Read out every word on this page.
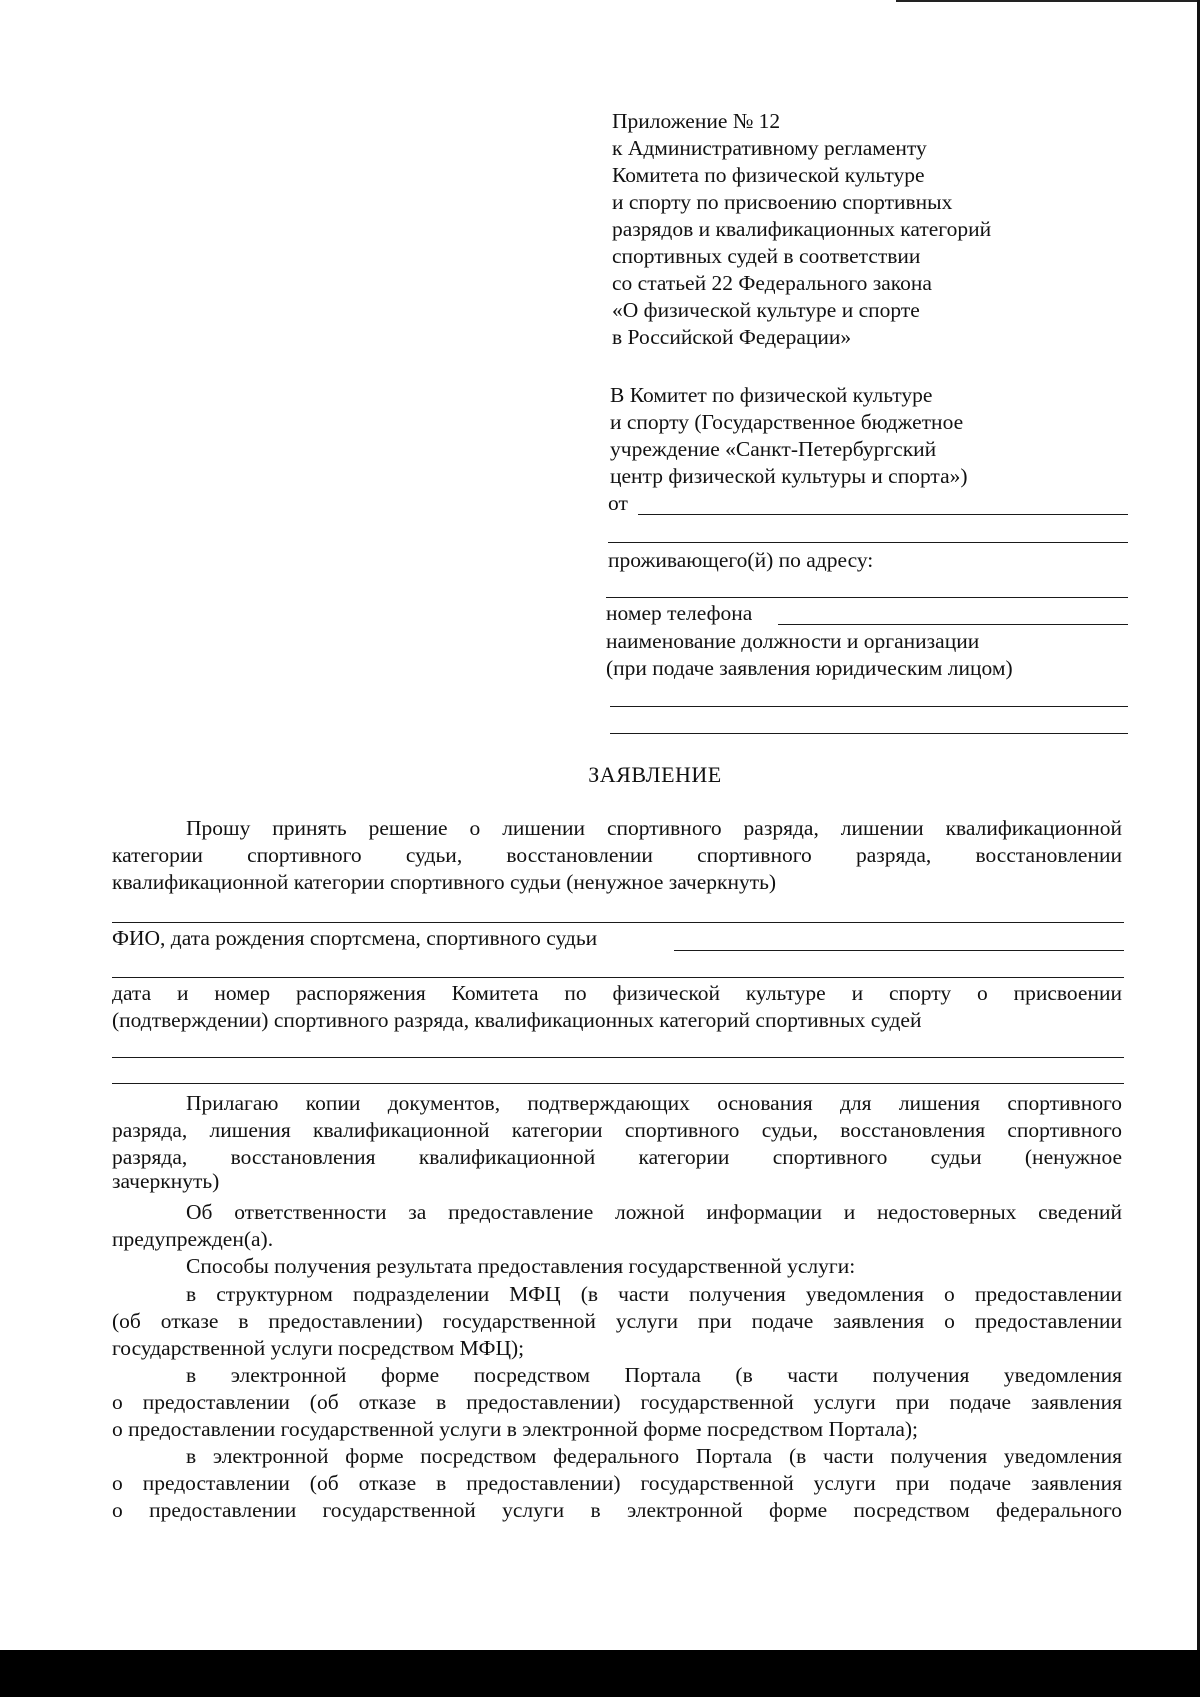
Приложение № 12
к Административному регламенту
Комитета по физической культуре
и спорту по присвоению спортивных
разрядов и квалификационных категорий
спортивных судей в соответствии
со статьей 22 Федерального закона
«О физической культуре и спорте
в Российской Федерации»
В Комитет по физической культуре
и спорту (Государственное бюджетное
учреждение «Санкт-Петербургский
центр физической культуры и спорта»)
от
проживающего(й) по адресу:
номер телефона
наименование должности и организации
(при подаче заявления юридическим лицом)
ЗАЯВЛЕНИЕ
Прошу принять решение о лишении спортивного разряда, лишении квалификационной
категории спортивного судьи, восстановлении спортивного разряда, восстановлении
квалификационной категории спортивного судьи (ненужное зачеркнуть)
ФИО, дата рождения спортсмена, спортивного судьи
дата и номер распоряжения Комитета по физической культуре и спорту о присвоении
(подтверждении) спортивного разряда, квалификационных категорий спортивных судей
Прилагаю копии документов, подтверждающих основания для лишения спортивного
разряда, лишения квалификационной категории спортивного судьи, восстановления спортивного
разряда, восстановления квалификационной категории спортивного судьи (ненужное
зачеркнуть)
Об ответственности за предоставление ложной информации и недостоверных сведений
предупрежден(а).
Способы получения результата предоставления государственной услуги:
в структурном подразделении МФЦ (в части получения уведомления о предоставлении
(об отказе в предоставлении) государственной услуги при подаче заявления о предоставлении
государственной услуги посредством МФЦ);
в электронной форме посредством Портала (в части получения уведомления
о предоставлении (об отказе в предоставлении) государственной услуги при подаче заявления
о предоставлении государственной услуги в электронной форме посредством Портала);
в электронной форме посредством федерального Портала (в части получения уведомления
о предоставлении (об отказе в предоставлении) государственной услуги при подаче заявления
о предоставлении государственной услуги в электронной форме посредством федерального
